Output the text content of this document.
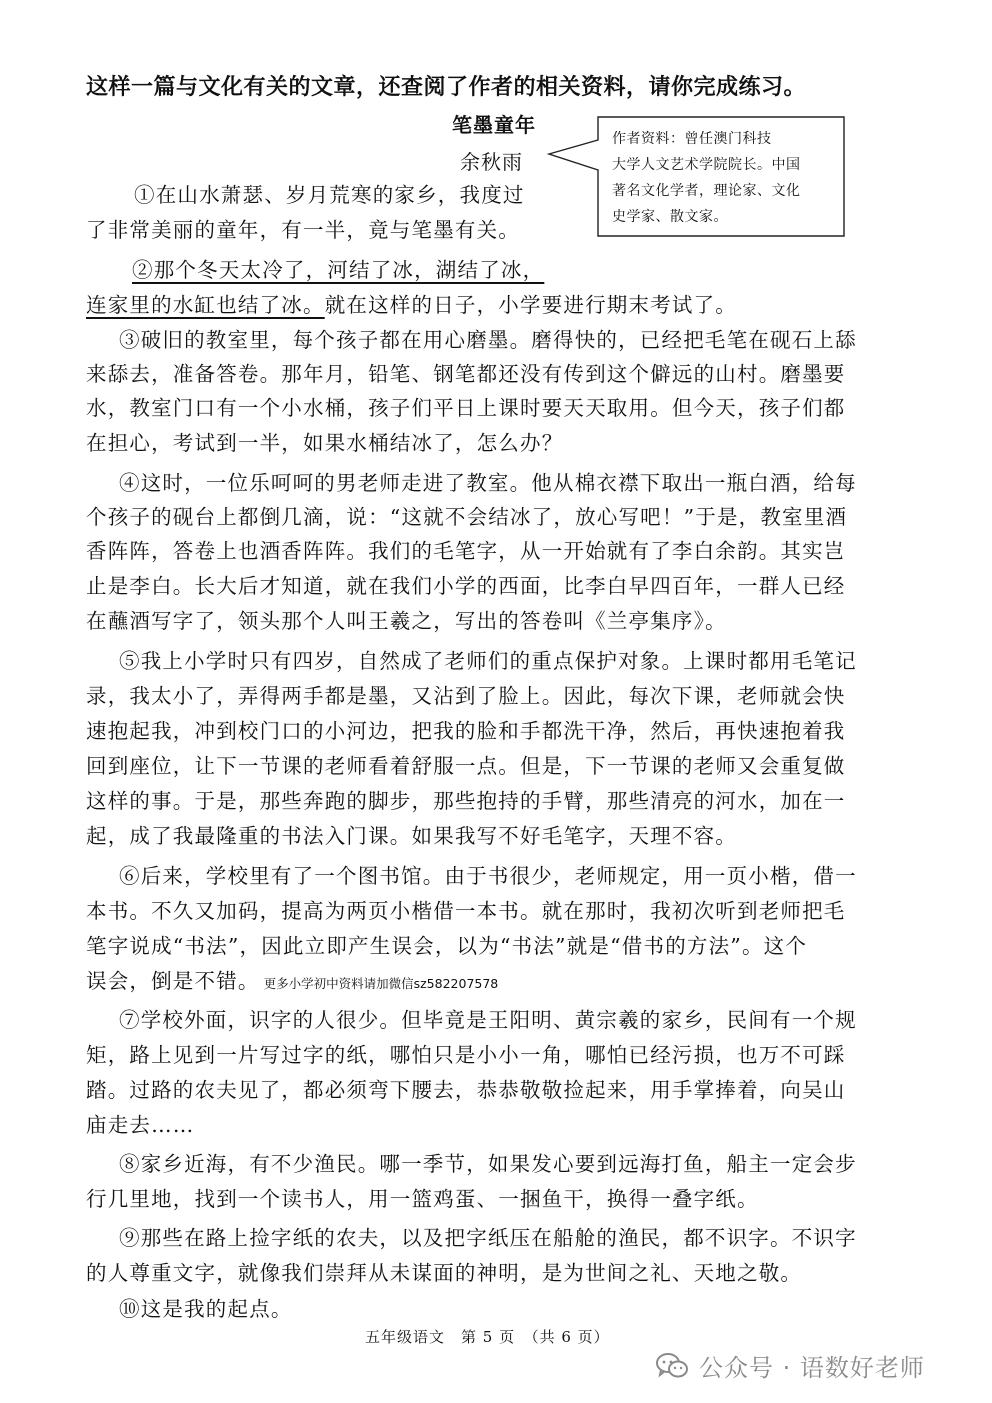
这样一篇与文化有关的文章，还查阅了作者的相关资料，请你完成练习。
笔墨童年
余秋雨
作者资料：曾任澳门科技
大学人文艺术学院院长。中国
著名文化学者，理论家、文化
史学家、散文家。
①在山水萧瑟、岁月荒寒的家乡，我度过
了非常美丽的童年，有一半，竟与笔墨有关。
②那个冬天太冷了，河结了冰，湖结了冰，
连家里的水缸也结了冰。就在这样的日子，小学要进行期末考试了。
③破旧的教室里，每个孩子都在用心磨墨。磨得快的，已经把毛笔在砚石上舔
来舔去，准备答卷。那年月，铅笔、钢笔都还没有传到这个僻远的山村。磨墨要
水，教室门口有一个小水桶，孩子们平日上课时要天天取用。但今天，孩子们都
在担心，考试到一半，如果水桶结冰了，怎么办？
④这时，一位乐呵呵的男老师走进了教室。他从棉衣襟下取出一瓶白酒，给每
个孩子的砚台上都倒几滴，说：“这就不会结冰了，放心写吧！”于是，教室里酒
香阵阵，答卷上也酒香阵阵。我们的毛笔字，从一开始就有了李白余韵。其实岂
止是李白。长大后才知道，就在我们小学的西面，比李白早四百年，一群人已经
在蘸酒写字了，领头那个人叫王羲之，写出的答卷叫《兰亭集序》。
⑤我上小学时只有四岁，自然成了老师们的重点保护对象。上课时都用毛笔记
录，我太小了，弄得两手都是墨，又沾到了脸上。因此，每次下课，老师就会快
速抱起我，冲到校门口的小河边，把我的脸和手都洗干净，然后，再快速抱着我
回到座位，让下一节课的老师看着舒服一点。但是，下一节课的老师又会重复做
这样的事。于是，那些奔跑的脚步，那些抱持的手臂，那些清亮的河水，加在一
起，成了我最隆重的书法入门课。如果我写不好毛笔字，天理不容。
⑥后来，学校里有了一个图书馆。由于书很少，老师规定，用一页小楷，借一
本书。不久又加码，提高为两页小楷借一本书。就在那时，我初次听到老师把毛
笔字说成“书法”，因此立即产生误会，以为“书法”就是“借书的方法”。这个
误会，倒是不错。 更多小学初中资料请加微信sz582207578
⑦学校外面，识字的人很少。但毕竟是王阳明、黄宗羲的家乡，民间有一个规
矩，路上见到一片写过字的纸，哪怕只是小小一角，哪怕已经污损，也万不可踩
踏。过路的农夫见了，都必须弯下腰去，恭恭敬敬捡起来，用手掌捧着，向吴山
庙走去……
⑧家乡近海，有不少渔民。哪一季节，如果发心要到远海打鱼，船主一定会步
行几里地，找到一个读书人，用一篮鸡蛋、一捆鱼干，换得一叠字纸。
⑨那些在路上捡字纸的农夫，以及把字纸压在船舱的渔民，都不识字。不识字
的人尊重文字，就像我们崇拜从未谋面的神明，是为世间之礼、天地之敬。
⑩这是我的起点。
五年级语文　第 5 页　（共 6 页）
公众号 · 语数好老师
